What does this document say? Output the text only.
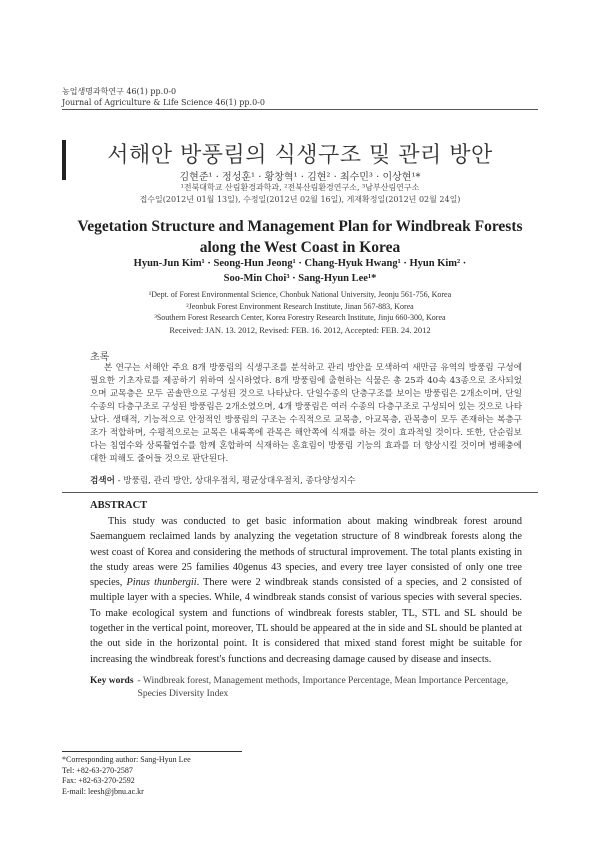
농업생명과학연구 46(1) pp.0-0
Journal of Agriculture & Life Science 46(1) pp.0-0
서해안 방풍림의 식생구조 및 관리 방안
김현준¹ · 정성훈¹ · 황창혁¹ · 김현² · 최수민³ · 이상현¹*
¹전북대학교 산림환경과학과, ²전북산림환경연구소, ³남부산림연구소
접수일(2012년 01월 13일), 수정일(2012년 02월 16일), 게재확정일(2012년 02월 24일)
Vegetation Structure and Management Plan for Windbreak Forests
along the West Coast in Korea
Hyun-Jun Kim¹ · Seong-Hun Jeong¹ · Chang-Hyuk Hwang¹ · Hyun Kim² ·
Soo-Min Choi³ · Sang-Hyun Lee¹*
¹Dept. of Forest Environmental Science, Chonbuk National University, Jeonju 561-756, Korea
²Jeonbuk Forest Environment Research Institute, Jinan 567-883, Korea
³Southern Forest Research Center, Korea Forestry Research Institute, Jinju 660-300, Korea
Received: JAN. 13. 2012, Revised: FEB. 16. 2012, Accepted: FEB. 24. 2012
초록
본 연구는 서해안 주요 8개 방풍림의 식생구조를 분석하고 관리 방안을 모색하여 새만금 유역의 방풍림 구성에 필요한 기초자료를 제공하기 위하여 실시하였다. 8개 방풍림에 출현하는 식물은 총 25과 40속 43종으로 조사되었으며 교목층은 모두 곰솔만으로 구성된 것으로 나타났다. 단일수종의 단층구조를 보이는 방풍림은 2개소이며, 단일수종의 다층구조로 구성된 방풍림은 2개소였으며, 4개 방풍림은 여러 수종의 다층구조로 구성되어 있는 것으로 나타났다. 생태적, 기능적으로 안정적인 방풍림의 구조는 수직적으로 교목층, 아교목층, 관목층이 모두 존재하는 복층구조가 적합하며, 수평적으로는 교목은 내륙쪽에 관목은 해안쪽에 식재를 하는 것이 효과적일 것이다. 또한, 단순림보다는 침엽수와 상록활엽수를 함께 혼합하여 식재하는 혼효림이 방풍림 기능의 효과를 더 향상시킬 것이며 병해충에 대한 피해도 줄어들 것으로 판단된다.
검색어 - 방풍림, 관리 방안, 상대우점치, 평균상대우점치, 종다양성지수
ABSTRACT
This study was conducted to get basic information about making windbreak forest around Saemanguem reclaimed lands by analyzing the vegetation structure of 8 windbreak forests along the west coast of Korea and considering the methods of structural improvement. The total plants existing in the study areas were 25 families 40genus 43 species, and every tree layer consisted of only one tree species, Pinus thunbergii. There were 2 windbreak stands consisted of a species, and 2 consisted of multiple layer with a species. While, 4 windbreak stands consist of various species with several species. To make ecological system and functions of windbreak forests stabler, TL, STL and SL should be together in the vertical point, moreover, TL should be appeared at the in side and SL should be planted at the out side in the horizontal point. It is considered that mixed stand forest might be suitable for increasing the windbreak forest's functions and decreasing damage caused by disease and insects.
Key words - Windbreak forest, Management methods, Importance Percentage, Mean Importance Percentage, Species Diversity Index
*Corresponding author: Sang-Hyun Lee
Tel: +82-63-270-2587
Fax: +82-63-270-2592
E-mail: leesh@jbnu.ac.kr
